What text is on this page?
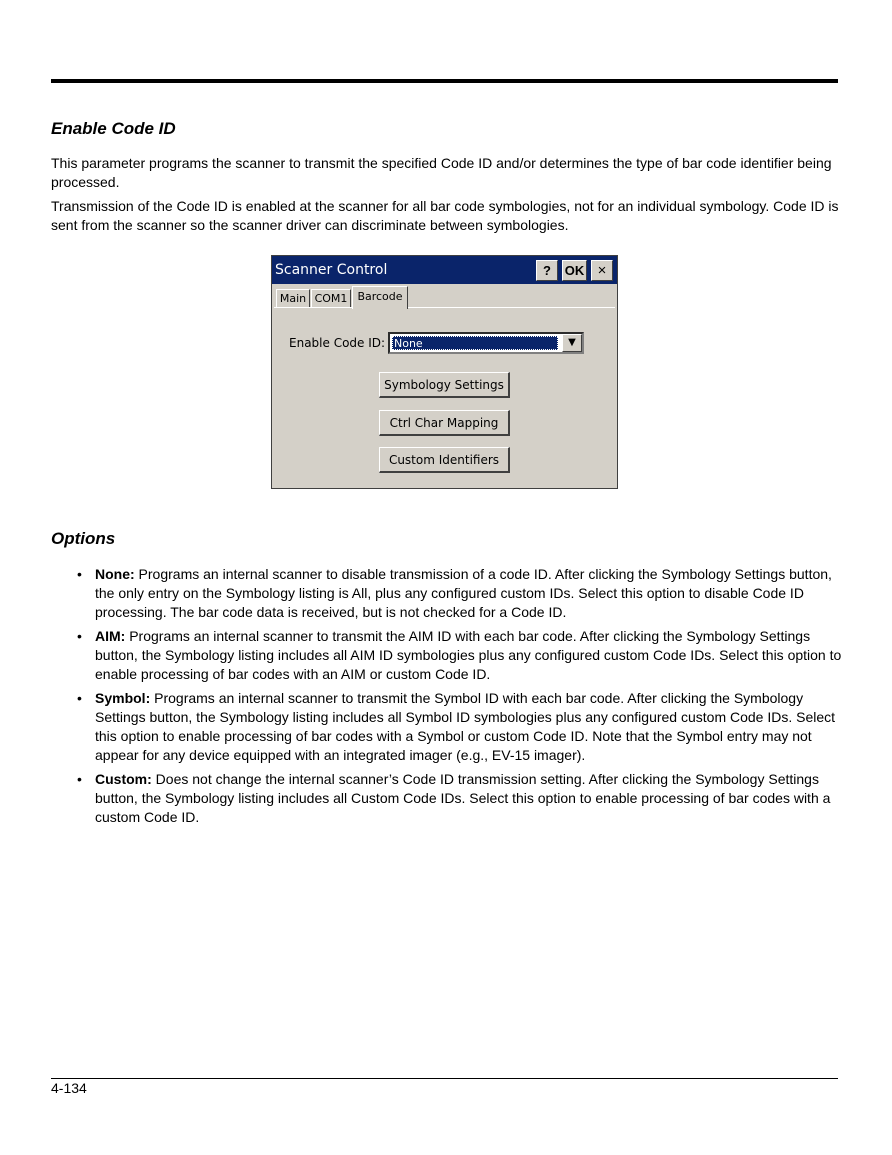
Enable Code ID

This parameter programs the scanner to transmit the specified Code ID and/or determines the type of bar code identifier being processed.

Transmission of the Code ID is enabled at the scanner for all bar code symbologies, not for an individual symbology. Code ID is sent from the scanner so the scanner driver can discriminate between symbologies.

Scanner Control	?	OK ×
Main COM1 Barcode
Enable Code ID: None	▼
Symbology Settings
Ctrl Char Mapping
Custom Identifiers
Options
• None: Programs an internal scanner to disable transmission of a code ID. After clicking the Symbology Settings button, the only entry on the Symbology listing is All, plus any configured custom IDs. Select this option to disable Code ID processing. The bar code data is received, but is not checked for a Code ID.
• AIM: Programs an internal scanner to transmit the AIM ID with each bar code. After clicking the Symbology Settings button, the Symbology listing includes all AIM ID symbologies plus any configured custom Code IDs. Select this option to enable processing of bar codes with an AIM or custom Code ID.
• Symbol: Programs an internal scanner to transmit the Symbol ID with each bar code. After clicking the Symbology Settings button, the Symbology listing includes all Symbol ID symbologies plus any configured custom Code IDs. Select this option to enable processing of bar codes with a Symbol or custom Code ID. Note that the Symbol entry may not appear for any device equipped with an integrated imager (e.g., EV-15 imager).
• Custom: Does not change the internal scanner’s Code ID transmission setting. After clicking the Symbology Settings button, the Symbology listing includes all Custom Code IDs. Select this option to enable processing of bar codes with a custom Code ID.
4-134
